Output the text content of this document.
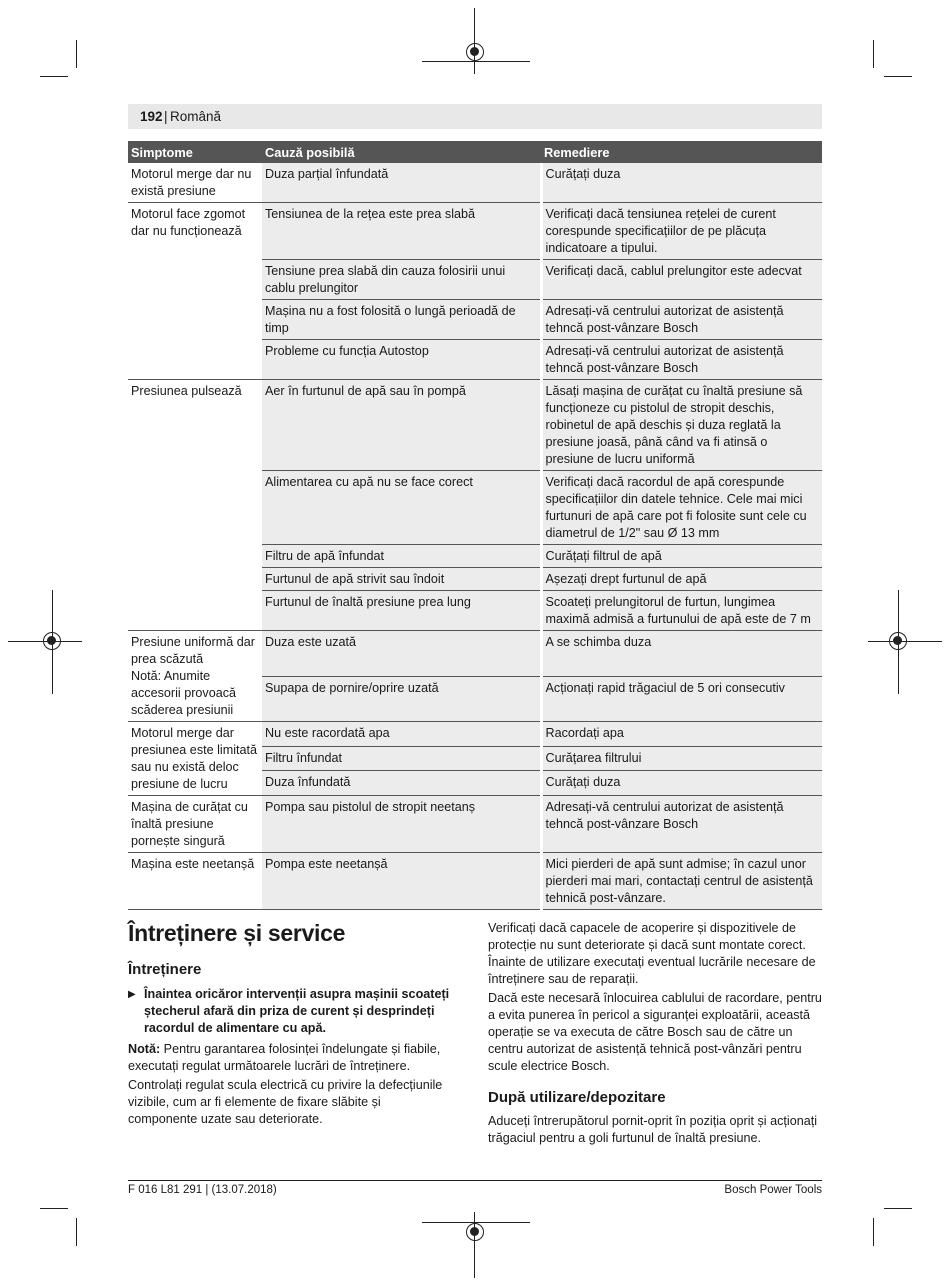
192 | Română
Simptome	Cauză posibilă	Remediere
Motorul merge dar nu există presiune	Duza parțial înfundată	Curățați duza
Motorul face zgomot dar nu funcționează	Tensiunea de la rețea este prea slabă	Verificați dacă tensiunea rețelei de curent corespunde specificațiilor de pe plăcuța indicatoare a tipului.
	Tensiune prea slabă din cauza folosirii unui cablu prelungitor	Verificați dacă, cablul prelungitor este adecvat
	Mașina nu a fost folosită o lungă perioadă de timp	Adresați-vă centrului autorizat de asistență tehncă post-vânzare Bosch
	Probleme cu funcția Autostop	Adresați-vă centrului autorizat de asistență tehncă post-vânzare Bosch
Presiunea pulsează	Aer în furtunul de apă sau în pompă	Lăsați mașina de curățat cu înaltă presiune să funcționeze cu pistolul de stropit deschis, robinetul de apă deschis și duza reglată la presiune joasă, până când va fi atinsă o presiune de lucru uniformă
	Alimentarea cu apă nu se face corect	Verificați dacă racordul de apă corespunde specificațiilor din datele tehnice. Cele mai mici furtunuri de apă care pot fi folosite sunt cele cu diametrul de 1/2" sau Ø 13 mm
	Filtru de apă înfundat	Curățați filtrul de apă
	Furtunul de apă strivit sau îndoit	Așezați drept furtunul de apă
	Furtunul de înaltă presiune prea lung	Scoateți prelungitorul de furtun, lungimea maximă admisă a furtunului de apă este de 7 m
Presiune uniformă dar prea scăzută
Notă: Anumite accesorii provoacă scăderea presiunii	Duza este uzată	A se schimba duza
	Supapa de pornire/oprire uzată	Acționați rapid trăgaciul de 5 ori consecutiv
Motorul merge dar presiunea este limitată sau nu există deloc presiune de lucru	Nu este racordată apa	Racordați apa
	Filtru înfundat	Curățarea filtrului
	Duza înfundată	Curățați duza
Mașina de curățat cu înaltă presiune pornește singură	Pompa sau pistolul de stropit neetanș	Adresați-vă centrului autorizat de asistență tehncă post-vânzare Bosch
Mașina este neetanșă	Pompa este neetanșă	Mici pierderi de apă sunt admise; în cazul unor pierderi mai mari, contactați centrul de asistență tehnică post-vânzare.
Întreținere și service
Întreținere
▶ Înaintea oricăror intervenții asupra mașinii scoateți ștecherul afară din priza de curent și desprindeți racordul de alimentare cu apă.
Notă: Pentru garantarea folosinței îndelungate și fiabile, executați regulat următoarele lucrări de întreținere.
Controlați regulat scula electrică cu privire la defecțiunile vizibile, cum ar fi elemente de fixare slăbite și componente uzate sau deteriorate.
Verificați dacă capacele de acoperire și dispozitivele de protecție nu sunt deteriorate și dacă sunt montate corect. Înainte de utilizare executați eventual lucrările necesare de întreținere sau de reparații.
Dacă este necesară înlocuirea cablului de racordare, pentru a evita punerea în pericol a siguranței exploatării, această operație se va executa de către Bosch sau de către un centru autorizat de asistență tehnică post-vânzări pentru scule electrice Bosch.
După utilizare/depozitare
Aduceți întrerupătorul pornit-oprit în poziția oprit și acționați trăgaciul pentru a goli furtunul de înaltă presiune.
F 016 L81 291 | (13.07.2018)	Bosch Power Tools
